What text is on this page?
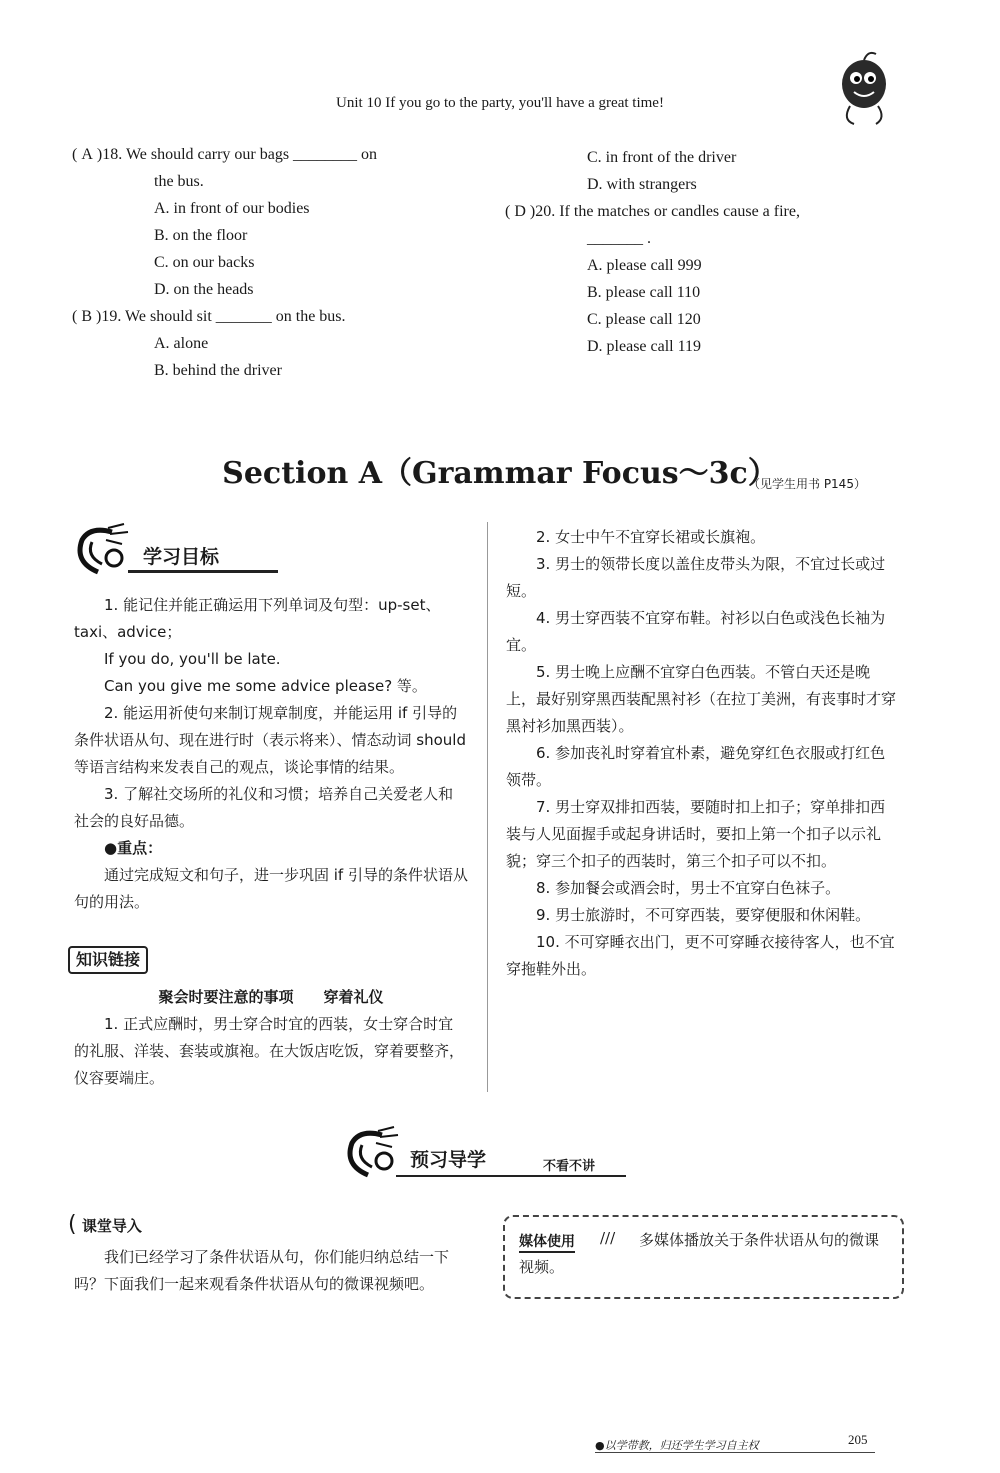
Unit 10 If you go to the party, you'll have a great time!
( A )18. We should carry our bags ________ on
the bus.
A. in front of our bodies
B. on the floor
C. on our backs
D. on the heads
( B )19. We should sit _______ on the bus.
A. alone
B. behind the driver
C. in front of the driver
D. with strangers
( D )20. If the matches or candles cause a fire,
_______ .
A. please call 999
B. please call 110
C. please call 120
D. please call 119
Section A（Grammar Focus～3c）
（见学生用书 P145）
学习目标
1. 能记住并能正确运用下列单词及句型：up-set、taxi、advice；
If you do, you'll be late.
Can you give me some advice please? 等。
2. 能运用祈使句来制订规章制度，并能运用 if 引导的条件状语从句、现在进行时（表示将来）、情态动词 should 等语言结构来发表自己的观点，谈论事情的结果。
3. 了解社交场所的礼仪和习惯；培养自己关爱老人和社会的良好品德。
●重点：
通过完成短文和句子，进一步巩固 if 引导的条件状语从句的用法。
知识链接
聚会时要注意的事项　　穿着礼仪
1. 正式应酬时，男士穿合时宜的西装，女士穿合时宜的礼服、洋装、套装或旗袍。在大饭店吃饭，穿着要整齐，仪容要端庄。
2. 女士中午不宜穿长裙或长旗袍。
3. 男士的领带长度以盖住皮带头为限，不宜过长或过短。
4. 男士穿西装不宜穿布鞋。衬衫以白色或浅色长袖为宜。
5. 男士晚上应酬不宜穿白色西装。不管白天还是晚上，最好别穿黑西装配黑衬衫（在拉丁美洲，有丧事时才穿黑衬衫加黑西装）。
6. 参加丧礼时穿着宜朴素，避免穿红色衣服或打红色领带。
7. 男士穿双排扣西装，要随时扣上扣子；穿单排扣西装与人见面握手或起身讲话时，要扣上第一个扣子以示礼貌；穿三个扣子的西装时，第三个扣子可以不扣。
8. 参加餐会或酒会时，男士不宜穿白色袜子。
9. 男士旅游时，不可穿西装，要穿便服和休闲鞋。
10. 不可穿睡衣出门，更不可穿睡衣接待客人，也不宜穿拖鞋外出。
预习导学	不看不讲
( 课堂导入
我们已经学习了条件状语从句，你们能归纳总结一下吗？下面我们一起来观看条件状语从句的微课视频吧。
媒体使用 ///	多媒体播放关于条件状语从句的微课视频。
●以学带教，归还学生学习自主权	205
